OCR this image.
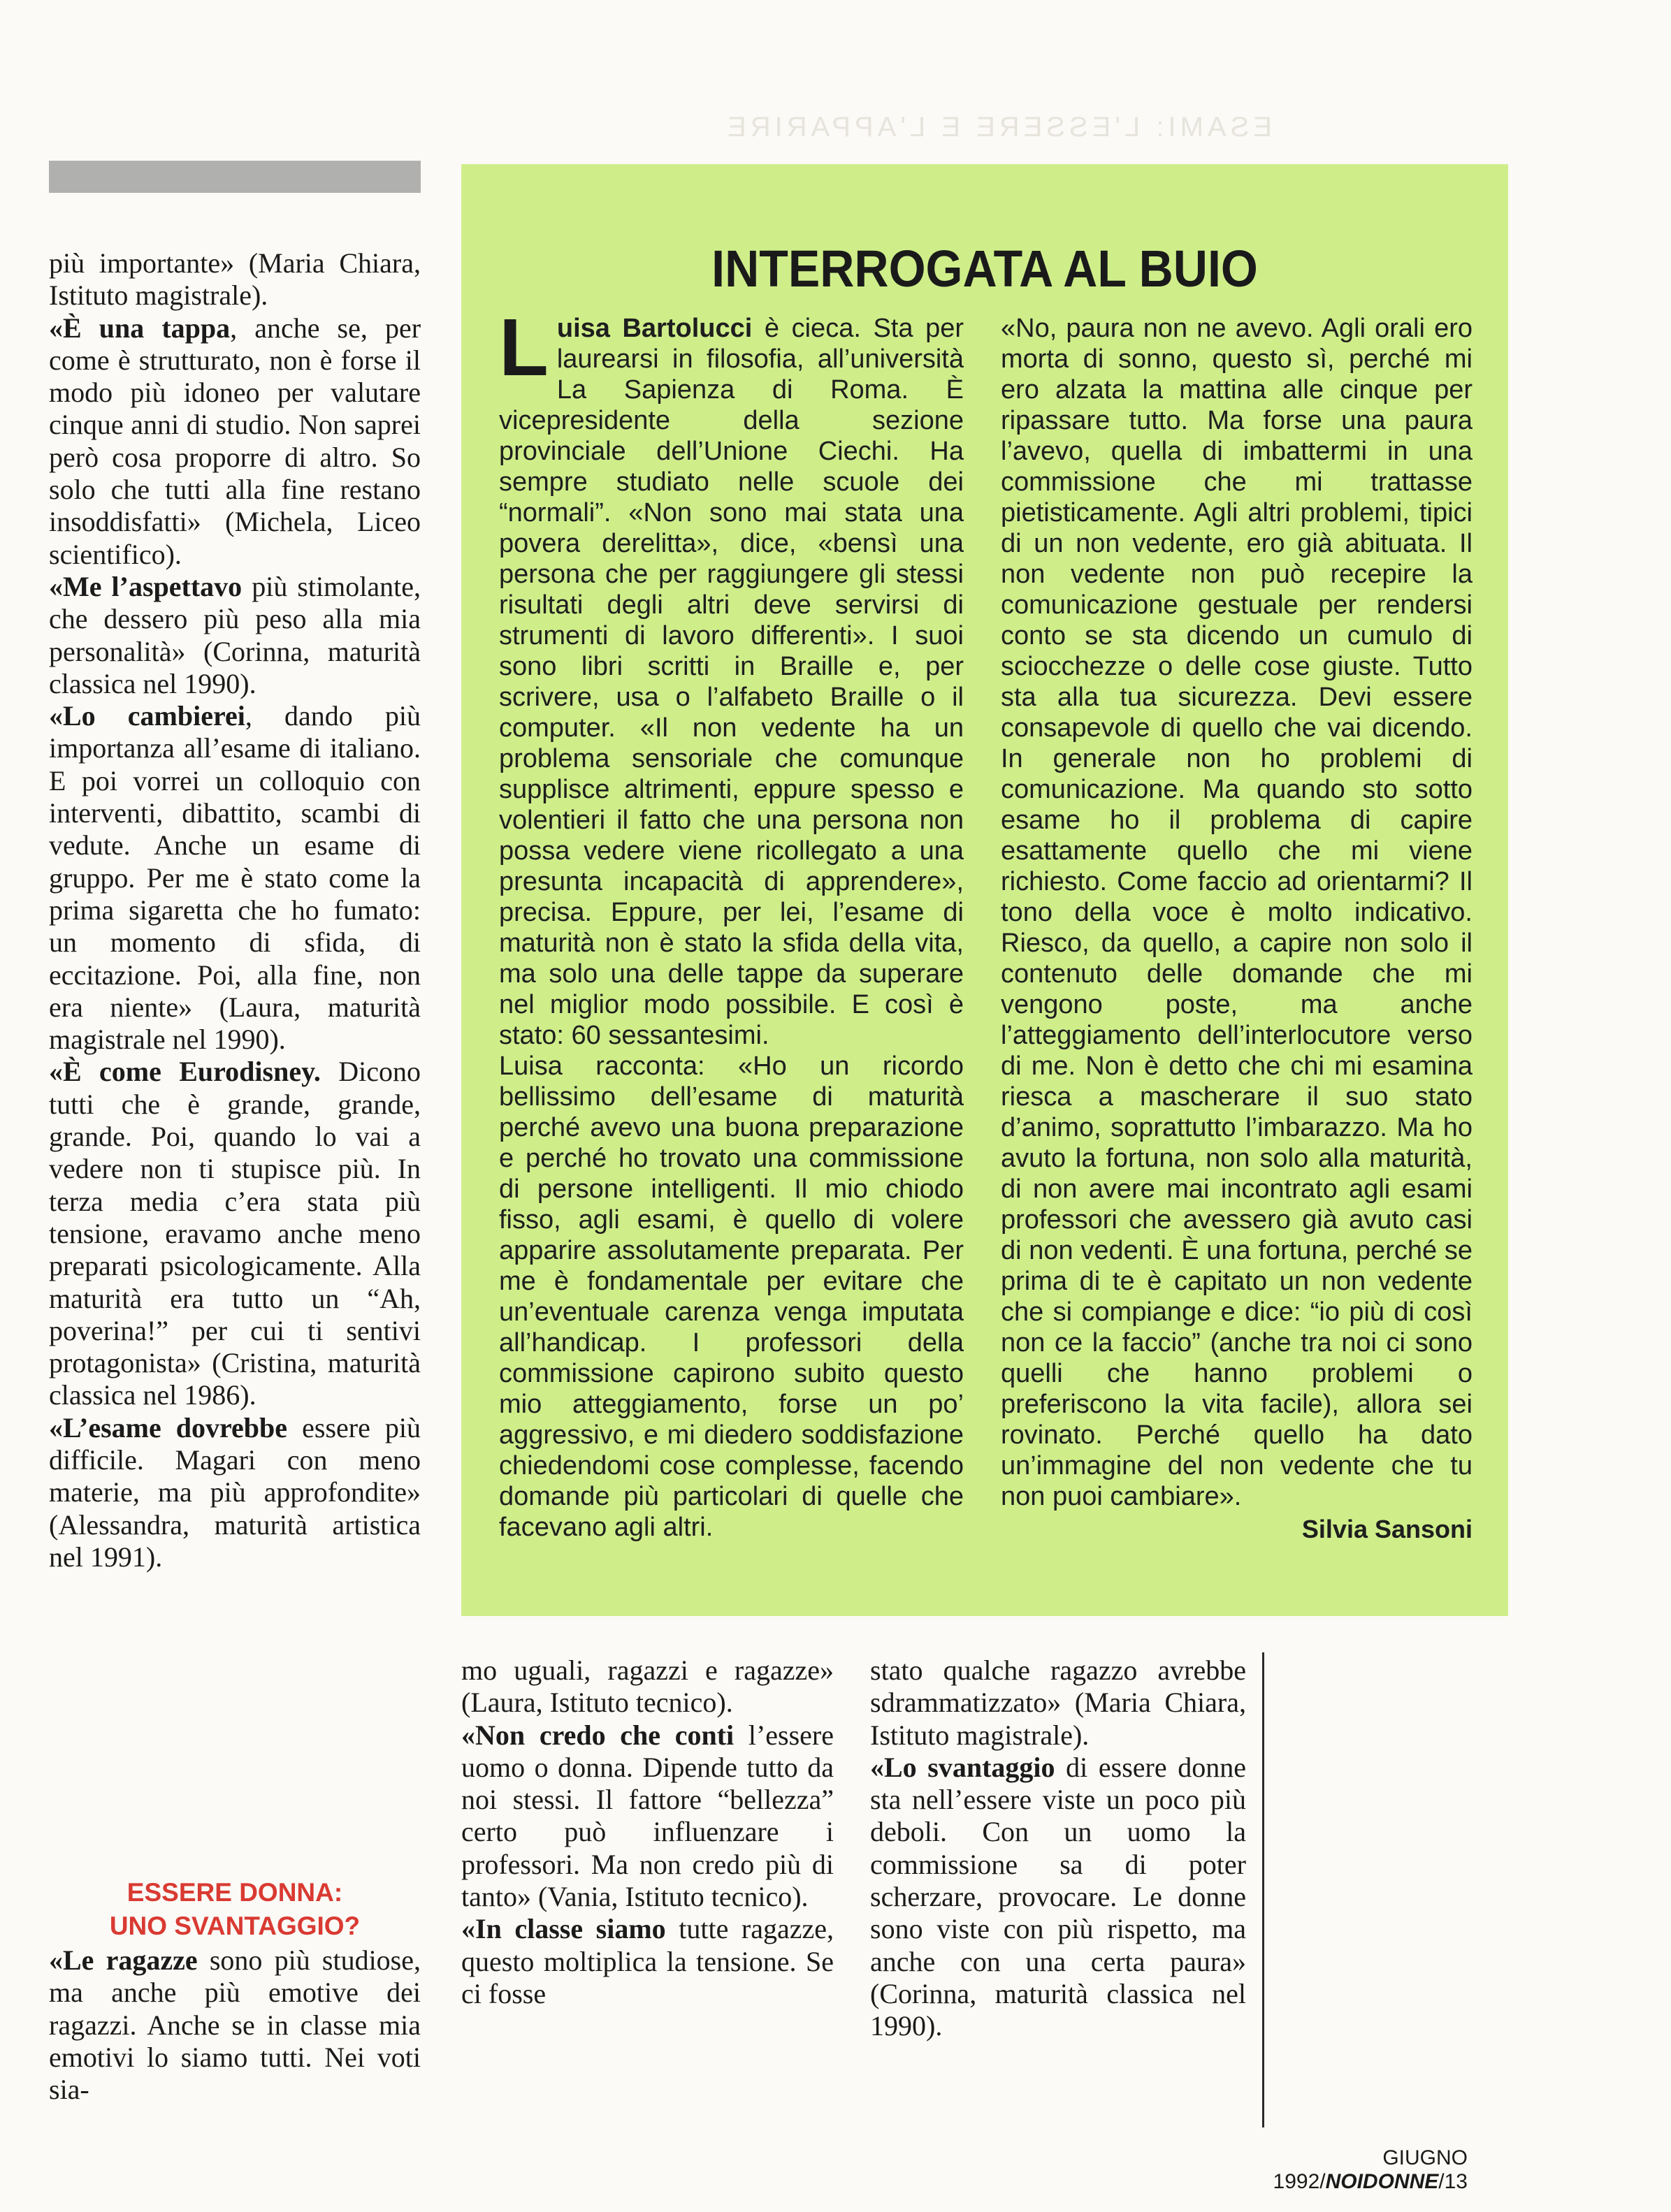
ESAMI: L'ESSERE E L'APPARIRE

più importante» (Maria Chiara, Istituto magistrale).

«È una tappa, anche se, per come è strutturato, non è forse il modo più idoneo per valutare cinque anni di studio. Non saprei però cosa proporre di altro. So solo che tutti alla fine restano insoddisfatti» (Michela, Liceo scientifico).

«Me l’aspettavo più stimolante, che dessero più peso alla mia personalità» (Corinna, maturità classica nel 1990).

«Lo cambierei, dando più importanza all’esame di italiano. E poi vorrei un colloquio con interventi, dibattito, scambi di vedute. Anche un esame di gruppo. Per me è stato come la prima sigaretta che ho fumato: un momento di sfida, di eccitazione. Poi, alla fine, non era niente» (Laura, maturità magistrale nel 1990).

«È come Eurodisney. Dicono tutti che è grande, grande, grande. Poi, quando lo vai a vedere non ti stupisce più. In terza media c’era stata più tensione, eravamo anche meno preparati psicologicamente. Alla maturità era tutto un “Ah, poverina!” per cui ti sentivi protagonista» (Cristina, maturità classica nel 1986).

«L’esame dovrebbe essere più difficile. Magari con meno materie, ma più approfondite» (Alessandra, maturità artistica nel 1991).

ESSERE DONNA:
UNO SVANTAGGIO?

«Le ragazze sono più studiose, ma anche più emotive dei ragazzi. Anche se in classe mia emotivi lo siamo tutti. Nei voti sia-

INTERROGATA AL BUIO

Luisa Bartolucci è cieca. Sta per laurearsi in filosofia, all’università La Sapienza di Roma. È vicepresidente della sezione provinciale dell’Unione Ciechi. Ha sempre studiato nelle scuole dei “normali”. «Non sono mai stata una povera derelitta», dice, «bensì una persona che per raggiungere gli stessi risultati degli altri deve servirsi di strumenti di lavoro differenti». I suoi sono libri scritti in Braille e, per scrivere, usa o l’alfabeto Braille o il computer. «Il non vedente ha un problema sensoriale che comunque supplisce altrimenti, eppure spesso e volentieri il fatto che una persona non possa vedere viene ricollegato a una presunta incapacità di apprendere», precisa. Eppure, per lei, l’esame di maturità non è stato la sfida della vita, ma solo una delle tappe da superare nel miglior modo possibile. E così è stato: 60 sessantesimi.

Luisa racconta: «Ho un ricordo bellissimo dell’esame di maturità perché avevo una buona preparazione e perché ho trovato una commissione di persone intelligenti. Il mio chiodo fisso, agli esami, è quello di volere apparire assolutamente preparata. Per me è fondamentale per evitare che un’eventuale carenza venga imputata all’handicap. I professori della commissione capirono subito questo mio atteggiamento, forse un po’ aggressivo, e mi diedero soddisfazione chiedendomi cose complesse, facendo domande più particolari di quelle che facevano agli altri.

«No, paura non ne avevo. Agli orali ero morta di sonno, questo sì, perché mi ero alzata la mattina alle cinque per ripassare tutto. Ma forse una paura l’avevo, quella di imbattermi in una commissione che mi trattasse pietisticamente. Agli altri problemi, tipici di un non vedente, ero già abituata. Il non vedente non può recepire la comunicazione gestuale per rendersi conto se sta dicendo un cumulo di sciocchezze o delle cose giuste. Tutto sta alla tua sicurezza. Devi essere consapevole di quello che vai dicendo. In generale non ho problemi di comunicazione. Ma quando sto sotto esame ho il problema di capire esattamente quello che mi viene richiesto. Come faccio ad orientarmi? Il tono della voce è molto indicativo. Riesco, da quello, a capire non solo il contenuto delle domande che mi vengono poste, ma anche l’atteggiamento dell’interlocutore verso di me. Non è detto che chi mi esamina riesca a mascherare il suo stato d’animo, soprattutto l’imbarazzo. Ma ho avuto la fortuna, non solo alla maturità, di non avere mai incontrato agli esami professori che avessero già avuto casi di non vedenti. È una fortuna, perché se prima di te è capitato un non vedente che si compiange e dice: “io più di così non ce la faccio” (anche tra noi ci sono quelli che hanno problemi o preferiscono la vita facile), allora sei rovinato. Perché quello ha dato un’immagine del non vedente che tu non puoi cambiare».

Silvia Sansoni

mo uguali, ragazzi e ragazze» (Laura, Istituto tecnico).

«Non credo che conti l’essere uomo o donna. Dipende tutto da noi stessi. Il fattore “bellezza” certo può influenzare i professori. Ma non credo più di tanto» (Vania, Istituto tecnico).

«In classe siamo tutte ragazze, questo moltiplica la tensione. Se ci fosse

stato qualche ragazzo avrebbe sdrammatizzato» (Maria Chiara, Istituto magistrale).

«Lo svantaggio di essere donne sta nell’essere viste un poco più deboli. Con un uomo la commissione sa di poter scherzare, provocare. Le donne sono viste con più rispetto, ma anche con una certa paura» (Corinna, maturità classica nel 1990).

GIUGNO 1992/NOIDONNE/13
